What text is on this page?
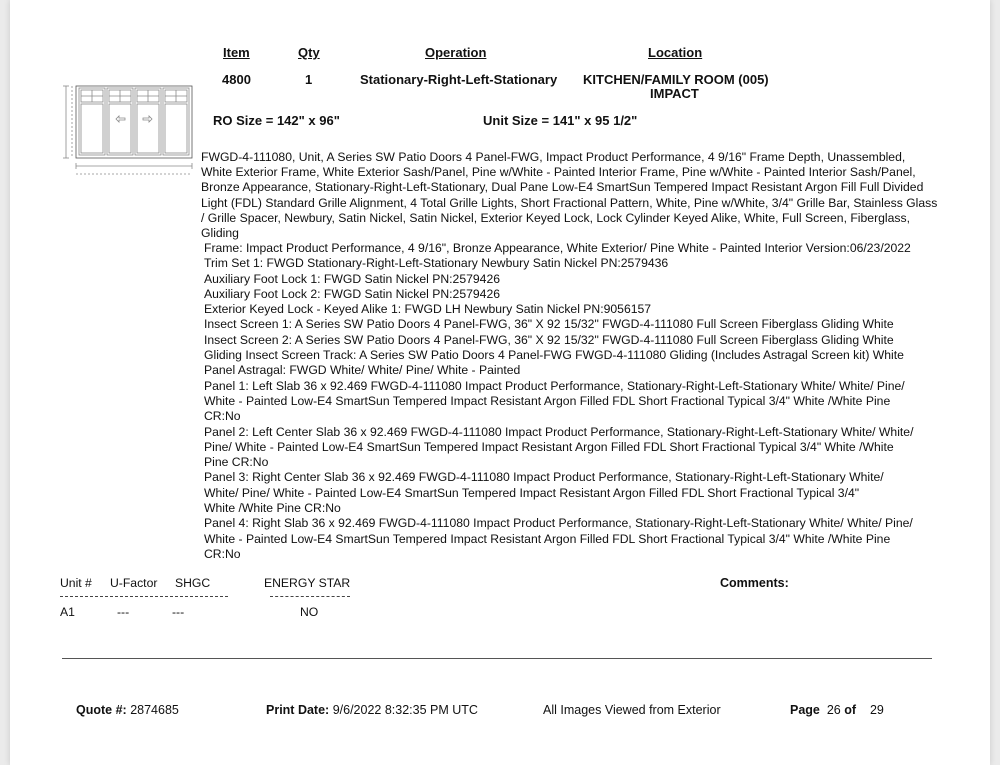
Item	Qty	Operation	Location
4800	1	Stationary-Right-Left-Stationary KITCHEN/FAMILY ROOM (005)
IMPACT
RO Size = 142" x 96"	Unit Size = 141" x 95 1/2"
FWGD-4-111080, Unit, A Series SW Patio Doors 4 Panel-FWG, Impact Product Performance, 4 9/16" Frame Depth, Unassembled, White Exterior Frame, White Exterior Sash/Panel, Pine w/White - Painted Interior Frame, Pine w/White - Painted Interior Sash/Panel, Bronze Appearance, Stationary-Right-Left-Stationary, Dual Pane Low-E4 SmartSun Tempered Impact Resistant Argon Fill Full Divided Light (FDL) Standard Grille Alignment, 4 Total Grille Lights, Short Fractional Pattern, White, Pine w/White, 3/4" Grille Bar, Stainless Glass / Grille Spacer, Newbury, Satin Nickel, Satin Nickel, Exterior Keyed Lock, Lock Cylinder Keyed Alike, White, Full Screen, Fiberglass, Gliding
Frame: Impact Product Performance, 4 9/16", Bronze Appearance, White Exterior/ Pine White - Painted Interior Version:06/23/2022
Trim Set 1: FWGD Stationary-Right-Left-Stationary Newbury Satin Nickel PN:2579436
Auxiliary Foot Lock 1: FWGD Satin Nickel PN:2579426
Auxiliary Foot Lock 2: FWGD Satin Nickel PN:2579426
Exterior Keyed Lock - Keyed Alike 1: FWGD LH Newbury Satin Nickel PN:9056157
Insect Screen 1: A Series SW Patio Doors 4 Panel-FWG, 36" X 92 15/32" FWGD-4-111080 Full Screen Fiberglass Gliding White
Insect Screen 2: A Series SW Patio Doors 4 Panel-FWG, 36" X 92 15/32" FWGD-4-111080 Full Screen Fiberglass Gliding White
Gliding Insect Screen Track: A Series SW Patio Doors 4 Panel-FWG FWGD-4-111080 Gliding (Includes Astragal Screen kit) White
Panel Astragal: FWGD White/ White/ Pine/ White - Painted
Panel 1: Left Slab 36 x 92.469 FWGD-4-111080 Impact Product Performance, Stationary-Right-Left-Stationary White/ White/ Pine/
White - Painted Low-E4 SmartSun Tempered Impact Resistant Argon Filled FDL Short Fractional Typical 3/4" White /White Pine
CR:No
Panel 2: Left Center Slab 36 x 92.469 FWGD-4-111080 Impact Product Performance, Stationary-Right-Left-Stationary White/ White/
Pine/ White - Painted Low-E4 SmartSun Tempered Impact Resistant Argon Filled FDL Short Fractional Typical 3/4" White /White
Pine CR:No
Panel 3: Right Center Slab 36 x 92.469 FWGD-4-111080 Impact Product Performance, Stationary-Right-Left-Stationary White/
White/ Pine/ White - Painted Low-E4 SmartSun Tempered Impact Resistant Argon Filled FDL Short Fractional Typical 3/4"
White /White Pine CR:No
Panel 4: Right Slab 36 x 92.469 FWGD-4-111080 Impact Product Performance, Stationary-Right-Left-Stationary White/ White/ Pine/
White - Painted Low-E4 SmartSun Tempered Impact Resistant Argon Filled FDL Short Fractional Typical 3/4" White /White Pine
CR:No
Unit # U-Factor SHGC	ENERGY STAR	Comments:
A1	---	---	NO
Quote #: 2874685	Print Date: 9/6/2022 8:32:35 PM UTC	All Images Viewed from Exterior	Page 26 of 29
